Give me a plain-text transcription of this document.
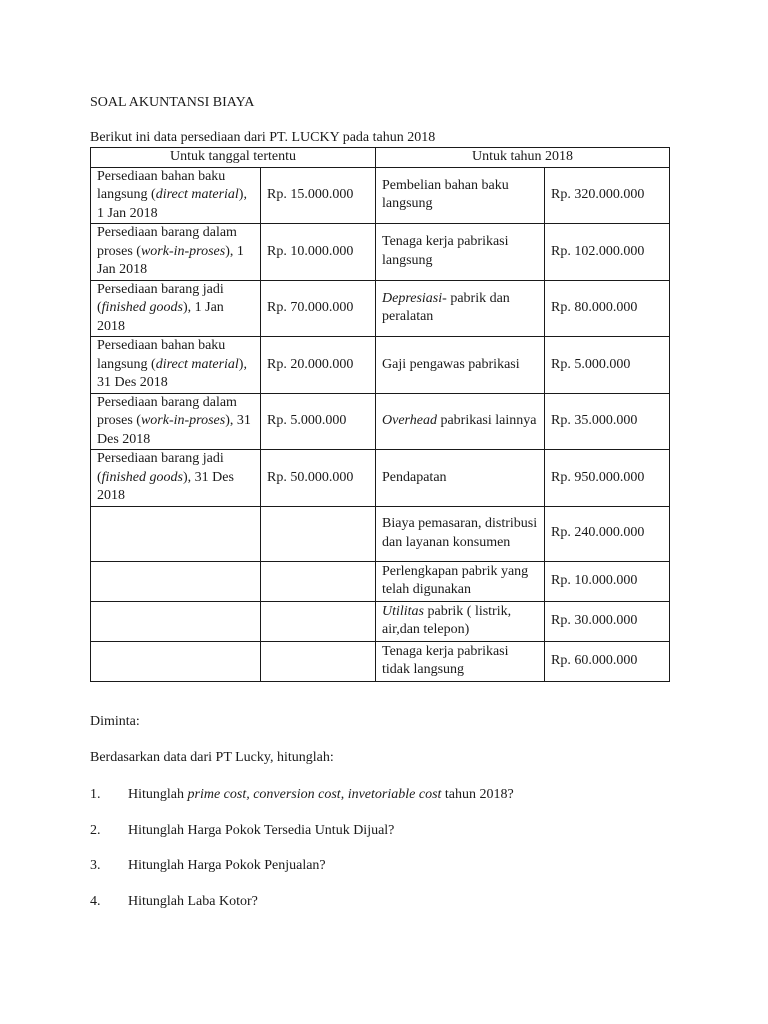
SOAL AKUNTANSI BIAYA
Berikut ini data persediaan dari PT. LUCKY pada tahun 2018
Untuk tanggal tertentu		Untuk tahun 2018	
Persediaan bahan baku langsung (direct material), 1 Jan 2018	Rp. 15.000.000	Pembelian bahan baku langsung	Rp. 320.000.000
Persediaan barang dalam proses (work-in-proses), 1 Jan 2018	Rp. 10.000.000	Tenaga kerja pabrikasi langsung	Rp. 102.000.000
Persediaan barang jadi (finished goods), 1 Jan 2018	Rp. 70.000.000	Depresiasi- pabrik dan peralatan	Rp. 80.000.000
Persediaan bahan baku langsung (direct material), 31 Des 2018	Rp. 20.000.000	Gaji pengawas pabrikasi	Rp. 5.000.000
Persediaan barang dalam proses (work-in-proses), 31 Des 2018	Rp. 5.000.000	Overhead pabrikasi lainnya	Rp. 35.000.000
Persediaan barang jadi (finished goods), 31 Des 2018	Rp. 50.000.000	Pendapatan	Rp. 950.000.000
		Biaya pemasaran, distribusi dan layanan konsumen	Rp. 240.000.000
		Perlengkapan pabrik yang telah digunakan	Rp. 10.000.000
		Utilitas pabrik ( listrik, air,dan telepon)	Rp. 30.000.000
		Tenaga kerja pabrikasi tidak langsung	Rp. 60.000.000
Diminta:
Berdasarkan data dari PT Lucky, hitunglah:
1. Hitunglah prime cost, conversion cost, invetoriable cost tahun 2018?
2. Hitunglah Harga Pokok Tersedia Untuk Dijual?
3. Hitunglah Harga Pokok Penjualan?
4. Hitunglah Laba Kotor?
